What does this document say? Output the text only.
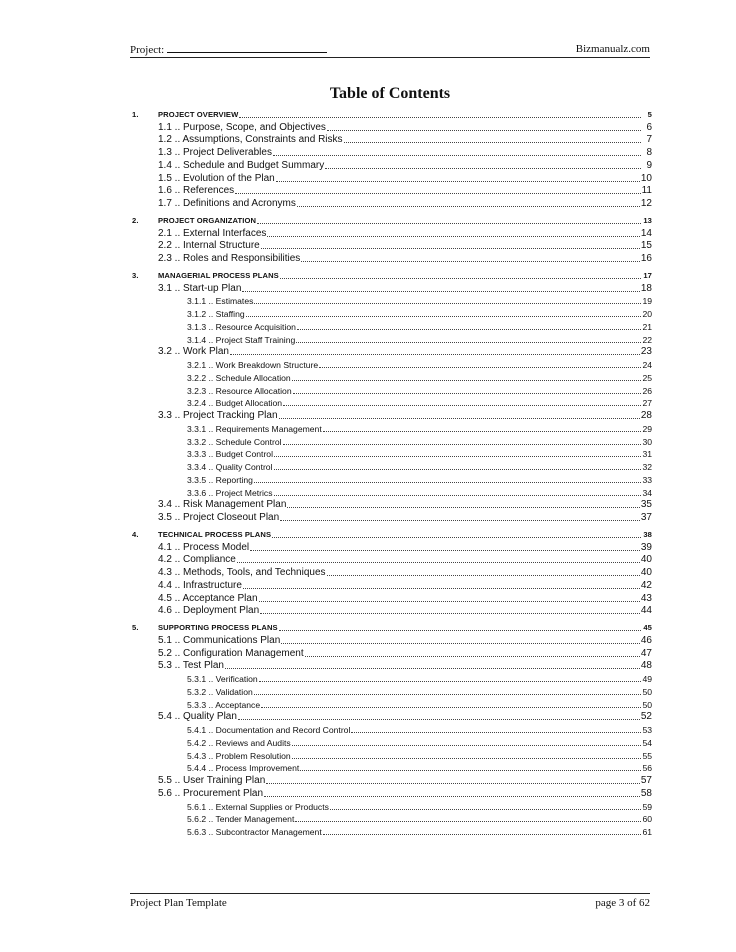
Project:	Bizmanualz.com
Table of Contents
1.	PROJECT OVERVIEW	5
1.1 .. Purpose, Scope, and Objectives	6
1.2 .. Assumptions, Constraints and Risks	7
1.3 .. Project Deliverables	8
1.4 .. Schedule and Budget Summary	9
1.5 .. Evolution of the Plan	10
1.6 .. References	11
1.7 .. Definitions and Acronyms	12
2.	PROJECT ORGANIZATION	13
2.1 .. External Interfaces	14
2.2 .. Internal Structure	15
2.3 .. Roles and Responsibilities	16
3.	MANAGERIAL PROCESS PLANS	17
3.1 .. Start-up Plan	18
3.1.1 .. Estimates	19
3.1.2 .. Staffing	20
3.1.3 .. Resource Acquisition	21
3.1.4 .. Project Staff Training	22
3.2 .. Work Plan	23
3.2.1 .. Work Breakdown Structure	24
3.2.2 .. Schedule Allocation	25
3.2.3 .. Resource Allocation	26
3.2.4 .. Budget Allocation	27
3.3 .. Project Tracking Plan	28
3.3.1 .. Requirements Management	29
3.3.2 .. Schedule Control	30
3.3.3 .. Budget Control	31
3.3.4 .. Quality Control	32
3.3.5 .. Reporting	33
3.3.6 .. Project Metrics	34
3.4 .. Risk Management Plan	35
3.5 .. Project Closeout Plan	37
4.	TECHNICAL PROCESS PLANS	38
4.1 .. Process Model	39
4.2 .. Compliance	40
4.3 .. Methods, Tools, and Techniques	40
4.4 .. Infrastructure	42
4.5 .. Acceptance Plan	43
4.6 .. Deployment Plan	44
5.	SUPPORTING PROCESS PLANS	45
5.1 .. Communications Plan	46
5.2 .. Configuration Management	47
5.3 .. Test Plan	48
5.3.1 .. Verification	49
5.3.2 .. Validation	50
5.3.3 .. Acceptance	50
5.4 .. Quality Plan	52
5.4.1 .. Documentation and Record Control	53
5.4.2 .. Reviews and Audits	54
5.4.3 .. Problem Resolution	55
5.4.4 .. Process Improvement	56
5.5 .. User Training Plan	57
5.6 .. Procurement Plan	58
5.6.1 .. External Supplies or Products	59
5.6.2 .. Tender Management	60
5.6.3 .. Subcontractor Management	61
Project Plan Template	page 3 of 62
